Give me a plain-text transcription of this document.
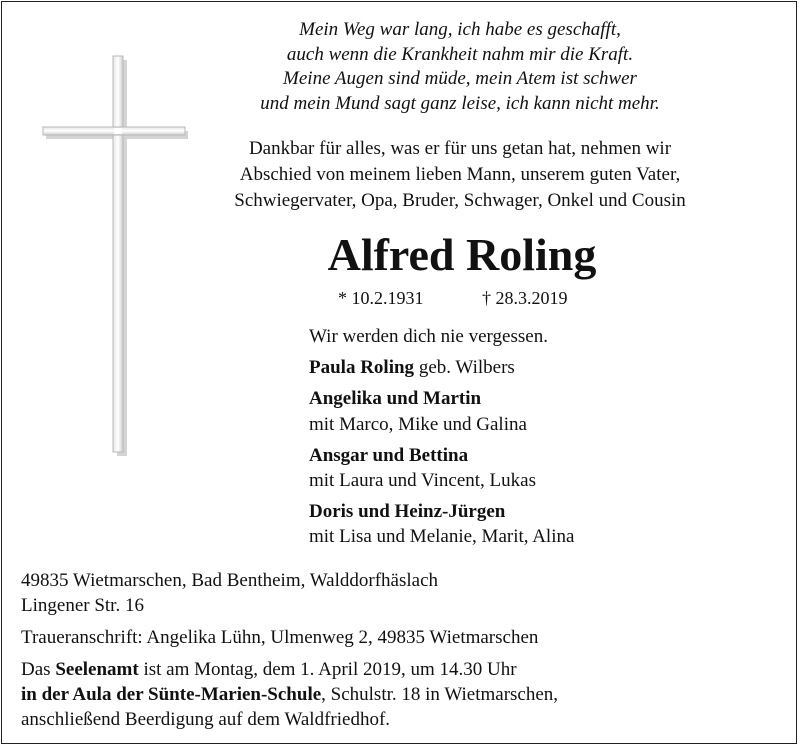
Mein Weg war lang, ich habe es geschafft,
auch wenn die Krankheit nahm mir die Kraft.
Meine Augen sind müde, mein Atem ist schwer
und mein Mund sagt ganz leise, ich kann nicht mehr.
Dankbar für alles, was er für uns getan hat, nehmen wir
Abschied von meinem lieben Mann, unserem guten Vater,
Schwiegervater, Opa, Bruder, Schwager, Onkel und Cousin
Alfred Roling
* 10.2.1931	† 28.3.2019
Wir werden dich nie vergessen.
Paula Roling geb. Wilbers
Angelika und Martin
mit Marco, Mike und Galina
Ansgar und Bettina
mit Laura und Vincent, Lukas
Doris und Heinz-Jürgen
mit Lisa und Melanie, Marit, Alina
49835 Wietmarschen, Bad Bentheim, Walddorfhäslach
Lingener Str. 16
Traueranschrift: Angelika Lühn, Ulmenweg 2, 49835 Wietmarschen
Das Seelenamt ist am Montag, dem 1. April 2019, um 14.30 Uhr
in der Aula der Sünte-Marien-Schule, Schulstr. 18 in Wietmarschen,
anschließend Beerdigung auf dem Waldfriedhof.
